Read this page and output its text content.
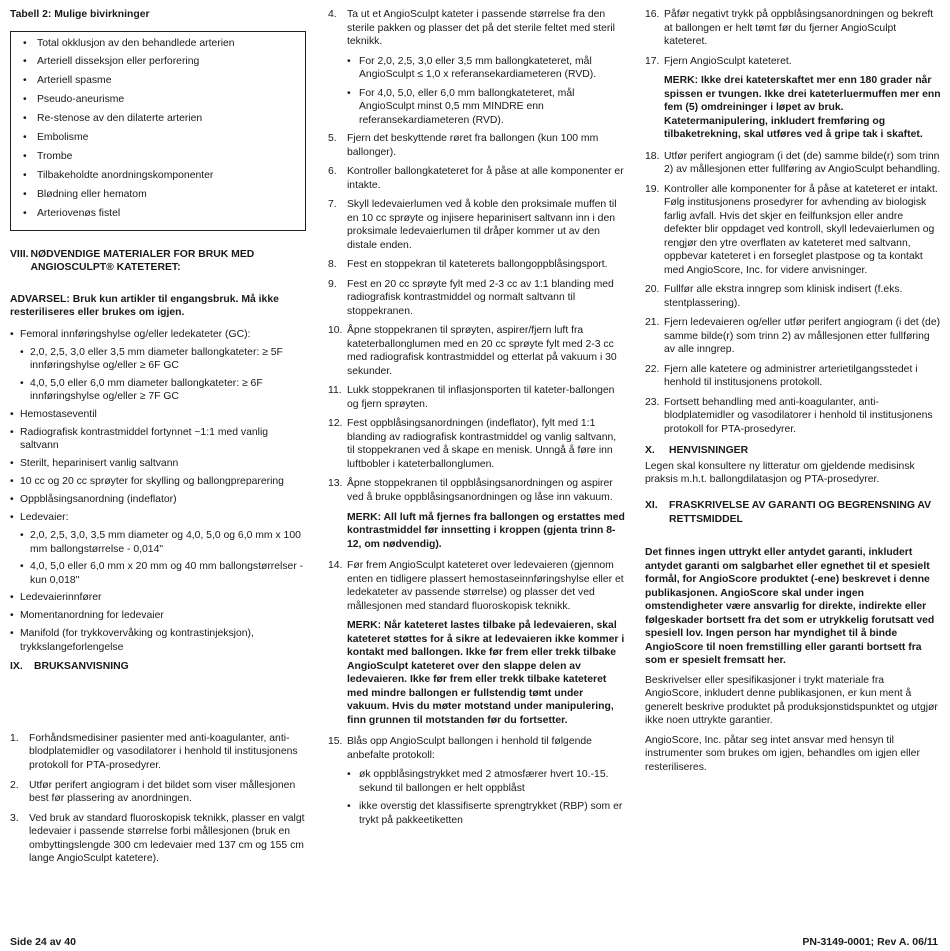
Tabell 2: Mulige bivirkninger
• Total okklusjon av den behandlede arterien
• Arteriell disseksjon eller perforering
• Arteriell spasme
• Pseudo-aneurisme
• Re-stenose av den dilaterte arterien
• Embolisme
• Trombe
• Tilbakeholdte anordningskomponenter
• Blødning eller hematom
• Arteriovenøs fistel
VIII. NØDVENDIGE MATERIALER FOR BRUK MED ANGIOSCULPT® KATETERET:
ADVARSEL: Bruk kun artikler til engangsbruk. Må ikke resteriliseres eller brukes om igjen.
• Femoral innføringshylse og/eller ledekateter (GC):
• 2,0, 2,5, 3,0 eller 3,5 mm diameter ballongkateter: ≥ 5F innføringshylse og/eller ≥ 6F GC
• 4,0, 5,0 eller 6,0 mm diameter ballongkateter: ≥ 6F innføringshylse og/eller ≥ 7F GC
• Hemostaseventil
• Radiografisk kontrastmiddel fortynnet ~1:1 med vanlig saltvann
• Sterilt, heparinisert vanlig saltvann
• 10 cc og 20 cc sprøyter for skylling og ballongpreparering
• Oppblåsingsanordning (indeflator)
• Ledevaier:
• 2,0, 2,5, 3,0, 3,5 mm diameter og 4,0, 5,0 og 6,0 mm x 100 mm ballongstørrelse - 0,014"
• 4,0, 5,0 eller 6,0 mm x 20 mm og 40 mm ballongstørrelser - kun 0,018"
• Ledevaierinnfører
• Momentanordning for ledevaier
• Manifold (for trykkovervåking og kontrastinjeksjon), trykkslangeforlengelse
IX.	BRUKSANVISNING
1. Forhåndsmedisiner pasienter med anti-koagulanter, anti-blodplatemidler og vasodilatorer i henhold til institusjonens protokoll for PTA-prosedyrer.
2. Utfør perifert angiogram i det bildet som viser mållesjonen best før plassering av anordningen.
3. Ved bruk av standard fluoroskopisk teknikk, plasser en valgt ledevaier i passende størrelse forbi mållesjonen (bruk en ombyttingslengde 300 cm ledevaier med 137 cm og 155 cm lange AngioSculpt katetere).
4. Ta ut et AngioSculpt kateter i passende størrelse fra den sterile pakken og plasser det på det sterile feltet med steril teknikk.
• For 2,0, 2,5, 3,0 eller 3,5 mm ballongkateteret, mål AngioSculpt ≤ 1,0 x referansekardiameteren (RVD).
• For 4,0, 5,0, eller 6,0 mm ballongkateteret, mål AngioSculpt minst 0,5 mm MINDRE enn referansekardiameteren (RVD).
5. Fjern det beskyttende røret fra ballongen (kun 100 mm ballonger).
6. Kontroller ballongkateteret for å påse at alle komponenter er intakte.
7. Skyll ledevaierlumen ved å koble den proksimale muffen til en 10 cc sprøyte og injisere heparinisert saltvann inn i den proksimale ledevaierlumen til dråper kommer ut av den distale enden.
8. Fest en stoppekran til kateterets ballongoppblåsingsport.
9. Fest en 20 cc sprøyte fylt med 2-3 cc av 1:1 blanding med radiografisk kontrastmiddel og normalt saltvann til stoppekranen.
10. Åpne stoppekranen til sprøyten, aspirer/fjern luft fra kateterballonglumen med en 20 cc sprøyte fylt med 2-3 cc med radiografisk kontrastmiddel og etterlat på vakuum i 30 sekunder.
11. Lukk stoppekranen til inflasjonsporten til kateter-ballongen og fjern sprøyten.
12. Fest oppblåsingsanordningen (indeflator), fylt med 1:1 blanding av radiografisk kontrastmiddel og vanlig saltvann, til stoppekranen ved å skape en menisk. Unngå å føre inn luftbobler i kateterballonglumen.
13. Åpne stoppekranen til oppblåsingsanordningen og aspirer ved å bruke oppblåsingsanordningen og låse inn vakuum.
MERK: All luft må fjernes fra ballongen og erstattes med kontrastmiddel før innsetting i kroppen (gjenta trinn 8-12, om nødvendig).
14. Før frem AngioSculpt kateteret over ledevaieren (gjennom enten en tidligere plassert hemostaseinnføringshylse eller et ledekateter av passende størrelse) og plasser det ved mållesjonen med standard fluoroskopisk teknikk.
MERK: Når kateteret lastes tilbake på ledevaieren, skal kateteret støttes for å sikre at ledevaieren ikke kommer i kontakt med ballongen. Ikke før frem eller trekk tilbake AngioSculpt kateteret over den slappe delen av ledevaieren. Ikke før frem eller trekk tilbake kateteret med mindre ballongen er fullstendig tømt under vakuum. Hvis du møter motstand under manipulering, finn grunnen til motstanden før du fortsetter.
15. Blås opp AngioSculpt ballongen i henhold til følgende anbefalte protokoll:
• øk oppblåsingstrykket med 2 atmosfærer hvert 10.-15. sekund til ballongen er helt oppblåst
• ikke overstig det klassifiserte sprengtrykket (RBP) som er trykt på pakkeetiketten
16. Påfør negativt trykk på oppblåsingsanordningen og bekreft at ballongen er helt tømt før du fjerner AngioSculpt kateteret.
17. Fjern AngioSculpt kateteret.
MERK: Ikke drei kateterskaftet mer enn 180 grader når spissen er tvungen. Ikke drei kateterluermuffen mer enn fem (5) omdreininger i løpet av bruk. Katetermanipulering, inkludert fremføring og tilbaketrekning, skal utføres ved å gripe tak i skaftet.
18. Utfør perifert angiogram (i det (de) samme bilde(r) som trinn 2) av mållesjonen etter fullføring av AngioSculpt behandling.
19. Kontroller alle komponenter for å påse at kateteret er intakt. Følg institusjonens prosedyrer for avhending av biologisk farlig avfall. Hvis det skjer en feilfunksjon eller andre defekter blir oppdaget ved kontroll, skyll ledevaierlumen og rengjør den ytre overflaten av kateteret med saltvann, oppbevar kateteret i en forseglet plastpose og ta kontakt med AngioScore, Inc. for videre anvisninger.
20. Fullfør alle ekstra inngrep som klinisk indisert (f.eks. stentplassering).
21. Fjern ledevaieren og/eller utfør perifert angiogram (i det (de) samme bilde(r) som trinn 2) av mållesjonen etter fullføring av alle inngrep.
22. Fjern alle katetere og administrer arterietilgangsstedet i henhold til institusjonens protokoll.
23. Fortsett behandling med anti-koagulanter, anti-blodplatemidler og vasodilatorer i henhold til institusjonens protokoll for PTA-prosedyrer.
X.	HENVISNINGER
Legen skal konsultere ny litteratur om gjeldende medisinsk praksis m.h.t. ballongdilatasjon og PTA-prosedyrer.
XI.	FRASKRIVELSE AV GARANTI OG BEGRENSNING AV RETTSMIDDEL
Det finnes ingen uttrykt eller antydet garanti, inkludert antydet garanti om salgbarhet eller egnethet til et spesielt formål, for AngioScore produktet (-ene) beskrevet i denne publikasjonen. AngioScore skal under ingen omstendigheter være ansvarlig for direkte, indirekte eller følgeskader bortsett fra det som er utrykkelig forutsatt ved spesiell lov. Ingen person har myndighet til å binde AngioScore til noen fremstilling eller garanti bortsett fra som er spesielt fremsatt her.
Beskrivelser eller spesifikasjoner i trykt materiale fra AngioScore, inkludert denne publikasjonen, er kun ment å generelt beskrive produktet på produksjonstidspunktet og utgjør ikke noen uttrykte garantier.
AngioScore, Inc. påtar seg intet ansvar med hensyn til instrumenter som brukes om igjen, behandles om igjen eller resteriliseres.
Side 24 av 40	PN-3149-0001; Rev A. 06/11
